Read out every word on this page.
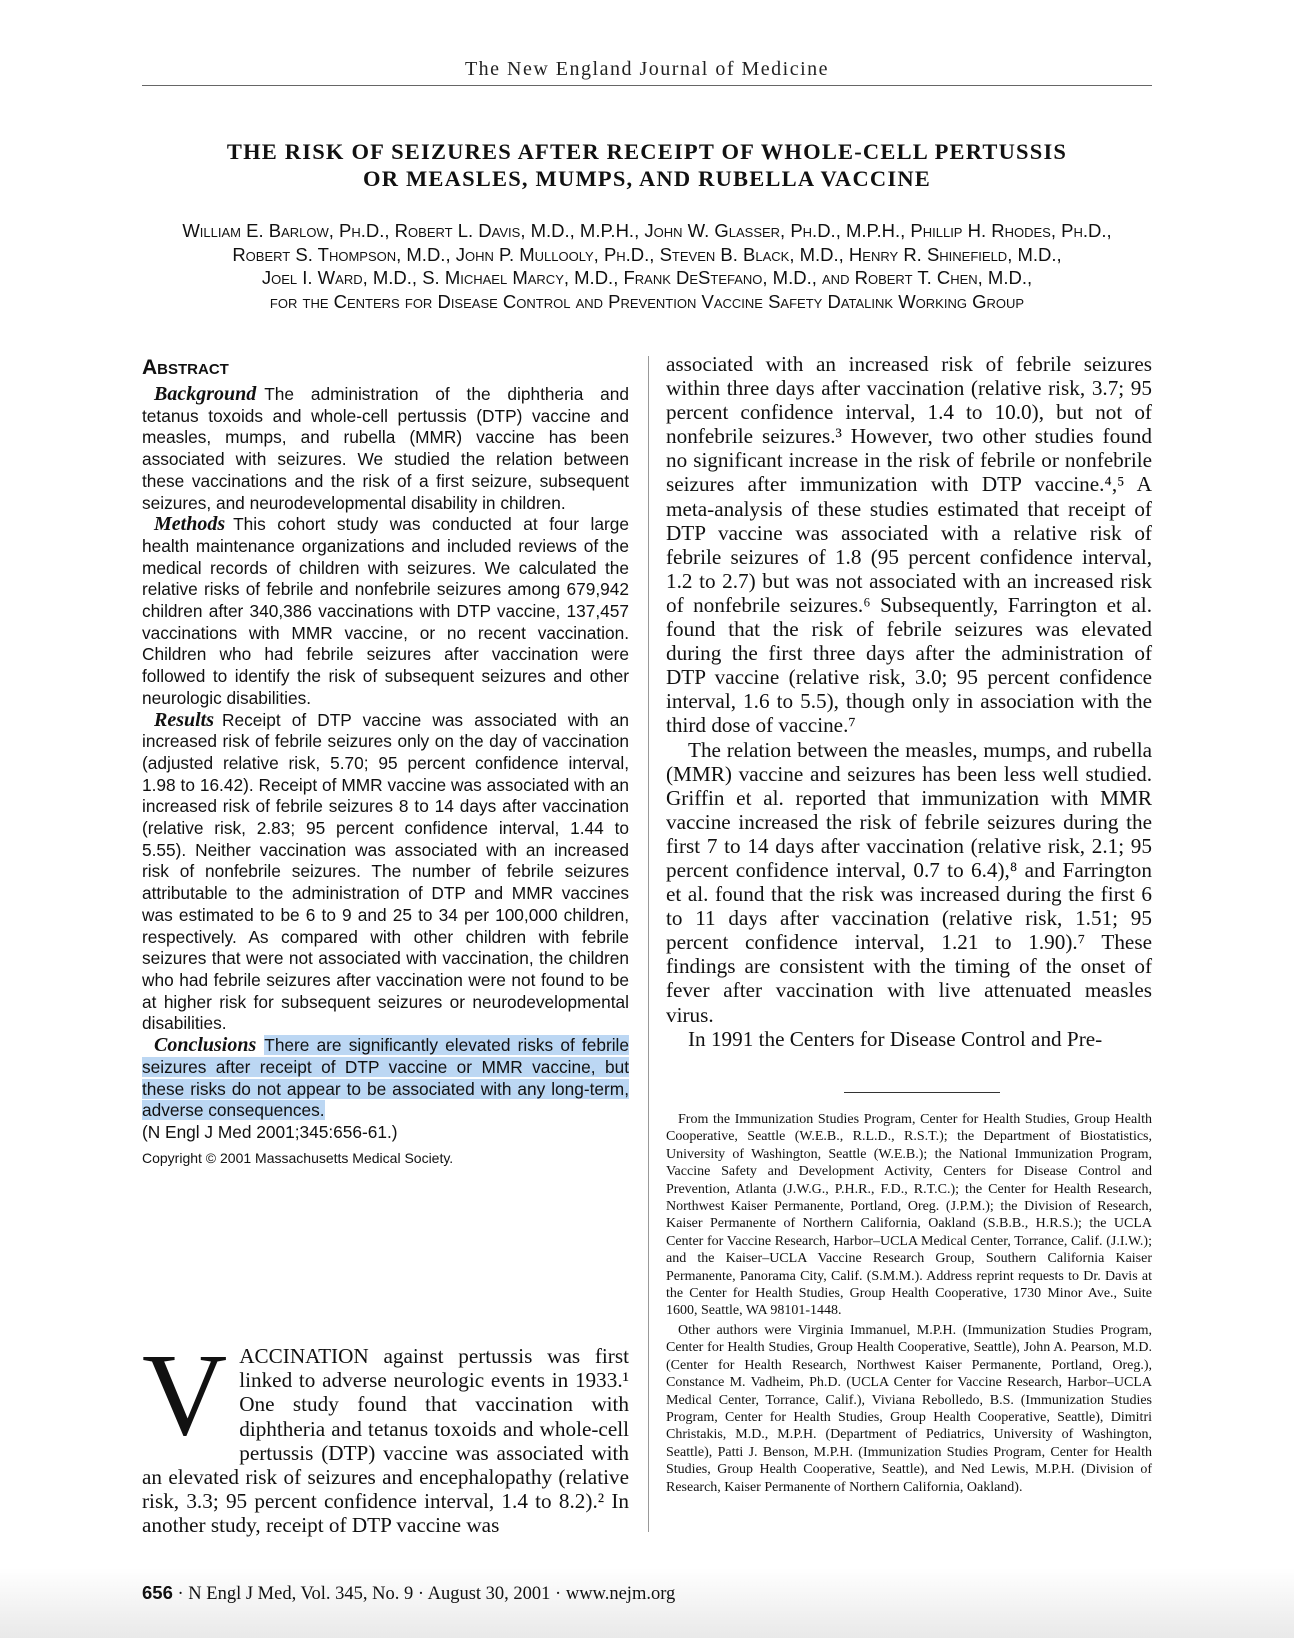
The New England Journal of Medicine
THE RISK OF SEIZURES AFTER RECEIPT OF WHOLE-CELL PERTUSSIS
OR MEASLES, MUMPS, AND RUBELLA VACCINE
William E. Barlow, Ph.D., Robert L. Davis, M.D., M.P.H., John W. Glasser, Ph.D., M.P.H., Phillip H. Rhodes, Ph.D.,
Robert S. Thompson, M.D., John P. Mullooly, Ph.D., Steven B. Black, M.D., Henry R. Shinefield, M.D.,
Joel I. Ward, M.D., S. Michael Marcy, M.D., Frank DeStefano, M.D., and Robert T. Chen, M.D.,
for the Centers for Disease Control and Prevention Vaccine Safety Datalink Working Group
Abstract

Background The administration of the diphtheria and tetanus toxoids and whole-cell pertussis (DTP) vaccine and measles, mumps, and rubella (MMR) vaccine has been associated with seizures. We studied the relation between these vaccinations and the risk of a first seizure, subsequent seizures, and neurodevelopmental disability in children.

Methods This cohort study was conducted at four large health maintenance organizations and included reviews of the medical records of children with seizures. We calculated the relative risks of febrile and nonfebrile seizures among 679,942 children after 340,386 vaccinations with DTP vaccine, 137,457 vaccinations with MMR vaccine, or no recent vaccination. Children who had febrile seizures after vaccination were followed to identify the risk of subsequent seizures and other neurologic disabilities.

Results Receipt of DTP vaccine was associated with an increased risk of febrile seizures only on the day of vaccination (adjusted relative risk, 5.70; 95 percent confidence interval, 1.98 to 16.42). Receipt of MMR vaccine was associated with an increased risk of febrile seizures 8 to 14 days after vaccination (relative risk, 2.83; 95 percent confidence interval, 1.44 to 5.55). Neither vaccination was associated with an increased risk of nonfebrile seizures. The number of febrile seizures attributable to the administration of DTP and MMR vaccines was estimated to be 6 to 9 and 25 to 34 per 100,000 children, respectively. As compared with other children with febrile seizures that were not associated with vaccination, the children who had febrile seizures after vaccination were not found to be at higher risk for subsequent seizures or neurodevelopmental disabilities.

Conclusions There are significantly elevated risks of febrile seizures after receipt of DTP vaccine or MMR vaccine, but these risks do not appear to be associated with any long-term, adverse consequences.

(N Engl J Med 2001;345:656-61.)
Copyright © 2001 Massachusetts Medical Society.

VACCINATION against pertussis was first linked to adverse neurologic events in 1933.¹ One study found that vaccination with diphtheria and tetanus toxoids and whole-cell pertussis (DTP) vaccine was associated with an elevated risk of seizures and encephalopathy (relative risk, 3.3; 95 percent confidence interval, 1.4 to 8.2).² In another study, receipt of DTP vaccine was

associated with an increased risk of febrile seizures within three days after vaccination (relative risk, 3.7; 95 percent confidence interval, 1.4 to 10.0), but not of nonfebrile seizures.³ However, two other studies found no significant increase in the risk of febrile or nonfebrile seizures after immunization with DTP vaccine.⁴,⁵ A meta-analysis of these studies estimated that receipt of DTP vaccine was associated with a relative risk of febrile seizures of 1.8 (95 percent confidence interval, 1.2 to 2.7) but was not associated with an increased risk of nonfebrile seizures.⁶ Subsequently, Farrington et al. found that the risk of febrile seizures was elevated during the first three days after the administration of DTP vaccine (relative risk, 3.0; 95 percent confidence interval, 1.6 to 5.5), though only in association with the third dose of vaccine.⁷

The relation between the measles, mumps, and rubella (MMR) vaccine and seizures has been less well studied. Griffin et al. reported that immunization with MMR vaccine increased the risk of febrile seizures during the first 7 to 14 days after vaccination (relative risk, 2.1; 95 percent confidence interval, 0.7 to 6.4),⁸ and Farrington et al. found that the risk was increased during the first 6 to 11 days after vaccination (relative risk, 1.51; 95 percent confidence interval, 1.21 to 1.90).⁷ These findings are consistent with the timing of the onset of fever after vaccination with live attenuated measles virus.

In 1991 the Centers for Disease Control and Pre-

From the Immunization Studies Program, Center for Health Studies, Group Health Cooperative, Seattle (W.E.B., R.L.D., R.S.T.); the Department of Biostatistics, University of Washington, Seattle (W.E.B.); the National Immunization Program, Vaccine Safety and Development Activity, Centers for Disease Control and Prevention, Atlanta (J.W.G., P.H.R., F.D., R.T.C.); the Center for Health Research, Northwest Kaiser Permanente, Portland, Oreg. (J.P.M.); the Division of Research, Kaiser Permanente of Northern California, Oakland (S.B.B., H.R.S.); the UCLA Center for Vaccine Research, Harbor–UCLA Medical Center, Torrance, Calif. (J.I.W.); and the Kaiser–UCLA Vaccine Research Group, Southern California Kaiser Permanente, Panorama City, Calif. (S.M.M.). Address reprint requests to Dr. Davis at the Center for Health Studies, Group Health Cooperative, 1730 Minor Ave., Suite 1600, Seattle, WA 98101-1448.

Other authors were Virginia Immanuel, M.P.H. (Immunization Studies Program, Center for Health Studies, Group Health Cooperative, Seattle), John A. Pearson, M.D. (Center for Health Research, Northwest Kaiser Permanente, Portland, Oreg.), Constance M. Vadheim, Ph.D. (UCLA Center for Vaccine Research, Harbor–UCLA Medical Center, Torrance, Calif.), Viviana Rebolledo, B.S. (Immunization Studies Program, Center for Health Studies, Group Health Cooperative, Seattle), Dimitri Christakis, M.D., M.P.H. (Department of Pediatrics, University of Washington, Seattle), Patti J. Benson, M.P.H. (Immunization Studies Program, Center for Health Studies, Group Health Cooperative, Seattle), and Ned Lewis, M.P.H. (Division of Research, Kaiser Permanente of Northern California, Oakland).

656 · N Engl J Med, Vol. 345, No. 9 · August 30, 2001 · www.nejm.org
